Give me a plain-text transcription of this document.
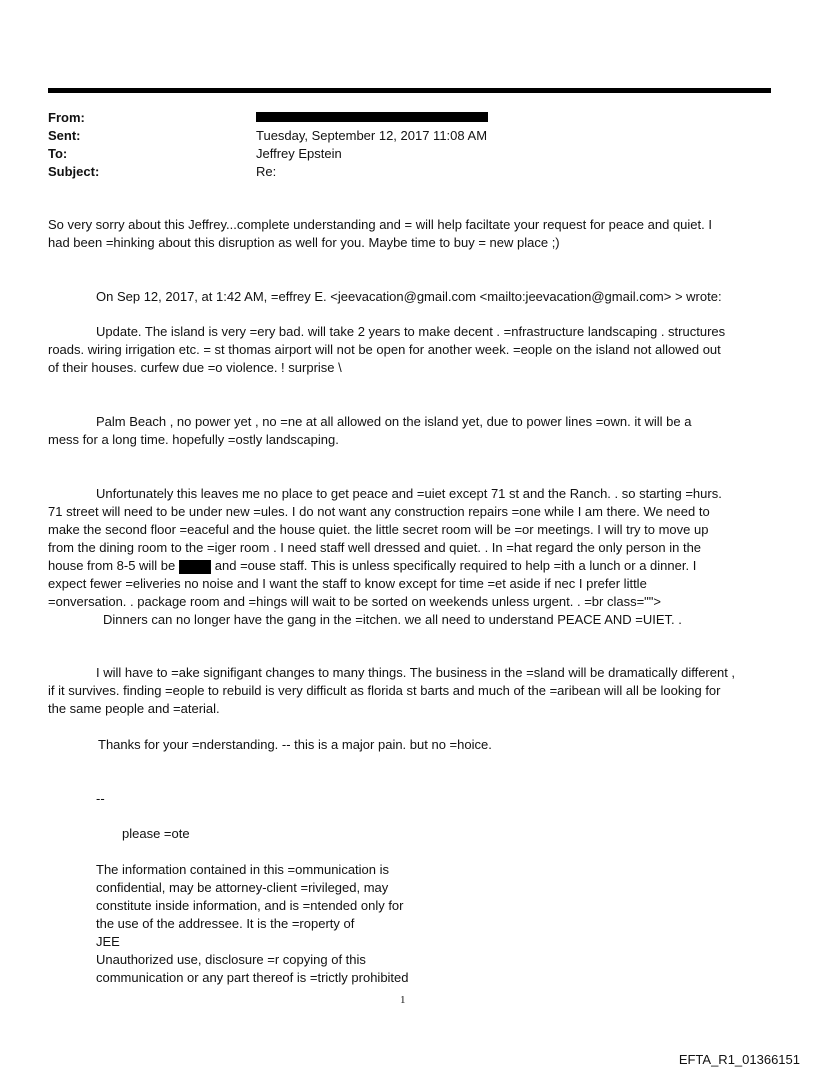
From:
Sent:	Tuesday, September 12, 2017 11:08 AM
To:	Jeffrey Epstein
Subject:	Re:
So very sorry about this Jeffrey...complete understanding and = will help faciltate your request for peace and quiet. I
had been =hinking about this disruption as well for you. Maybe time to buy = new place ;)
On Sep 12, 2017, at 1:42 AM, =effrey E. <jeevacation@gmail.com <mailto:jeevacation@gmail.com> > wrote:
Update. The island is very =ery bad. will take 2 years to make decent . =nfrastructure landscaping . structures
roads. wiring irrigation etc. = st thomas airport will not be open for another week. =eople on the island not allowed out
of their houses. curfew due =o violence. ! surprise \
Palm Beach , no power yet , no =ne at all allowed on the island yet, due to power lines =own. it will be a
mess for a long time. hopefully =ostly landscaping.
Unfortunately this leaves me no place to get peace and =uiet except 71 st and the Ranch. . so starting =hurs.
71 street will need to be under new =ules. I do not want any construction repairs =one while I am there. We need to
make the second floor =eaceful and the house quiet. the little secret room will be =or meetings. I will try to move up
from the dining room to the =iger room . I need staff well dressed and quiet. . In =hat regard the only person in the
house from 8-5 will be	and =ouse staff. This is unless specifically required to help =ith a lunch or a dinner. I
expect fewer =eliveries no noise and I want the staff to know except for time =et aside if nec I prefer little
=onversation. . package room and =hings will wait to be sorted on weekends unless urgent. . =br class="">
Dinners can no longer have the gang in the =itchen. we all need to understand PEACE AND =UIET. .
I will have to =ake signifigant changes to many things. The business in the =sland will be dramatically different ,
if it survives. finding =eople to rebuild is very difficult as florida st barts and much of the =aribean will all be looking for
the same people and =aterial.
Thanks for your =nderstanding. -- this is a major pain. but no =hoice.
--
please =ote
The information contained in this =ommunication is
confidential, may be attorney-client =rivileged, may
constitute inside information, and is =ntended only for
the use of the addressee. It is the =roperty of
JEE
Unauthorized use, disclosure =r copying of this
communication or any part thereof is =trictly prohibited
1
EFTA_R1_01366151
